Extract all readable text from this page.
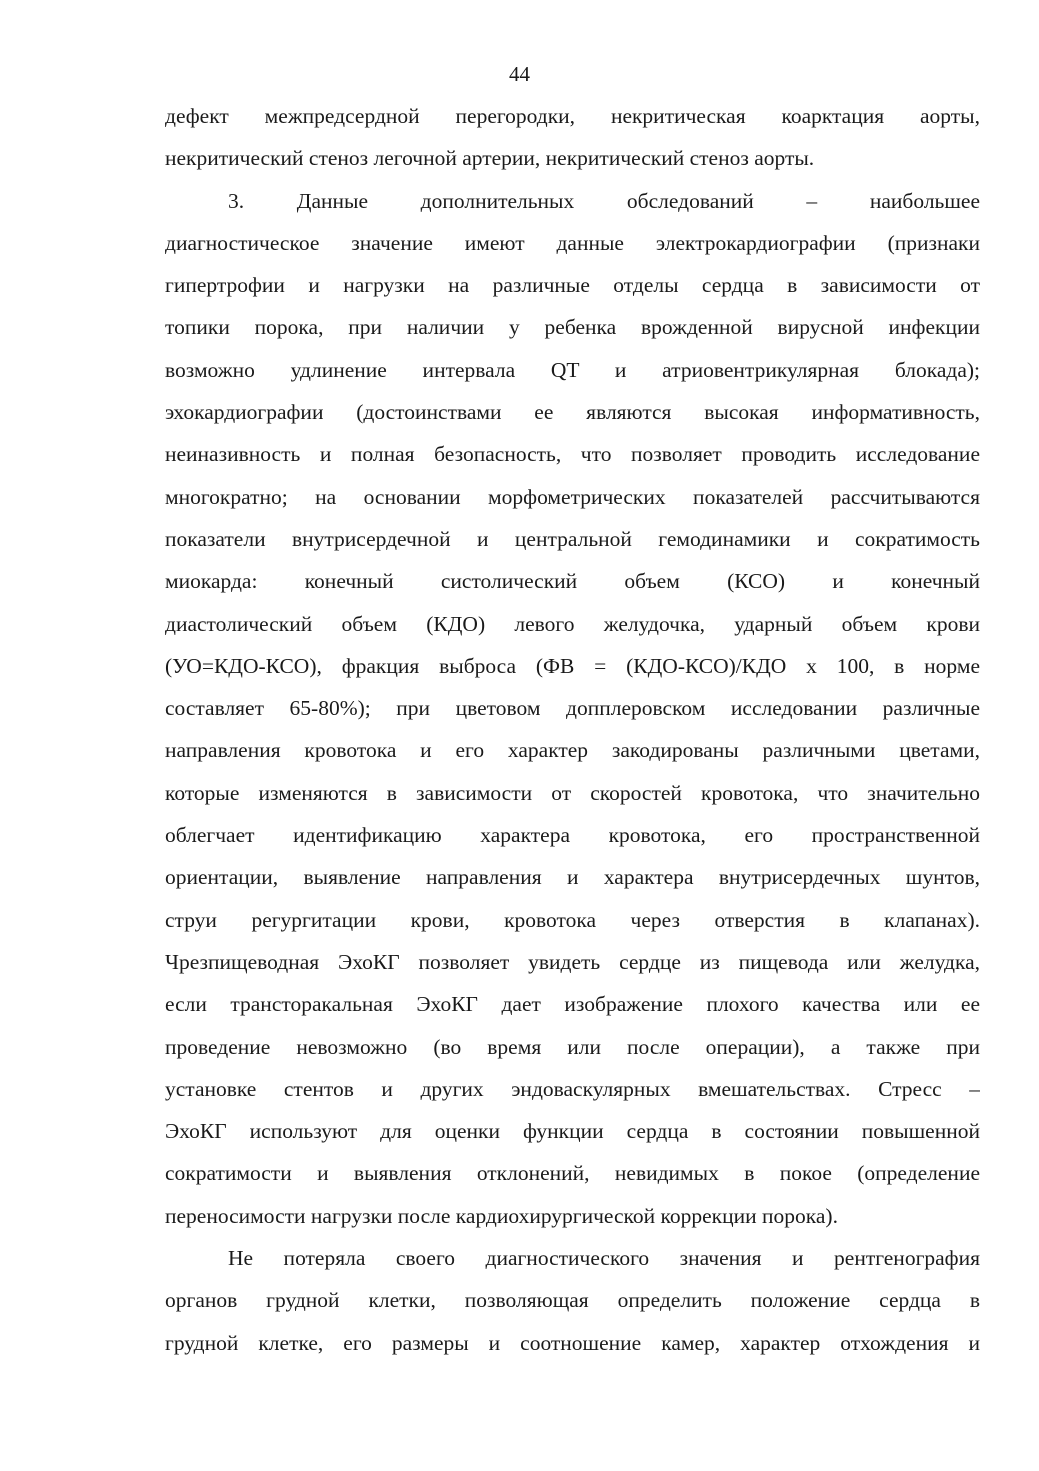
44
дефект межпредсердной перегородки, некритическая коарктация аорты,
некритический стеноз легочной артерии, некритический стеноз аорты.
3. Данные дополнительных обследований – наибольшее
диагностическое значение имеют данные электрокардиографии (признаки
гипертрофии и нагрузки на различные отделы сердца в зависимости от
топики порока, при наличии у ребенка врожденной вирусной инфекции
возможно удлинение интервала QT и атриовентрикулярная блокада);
эхокардиографии (достоинствами ее являются высокая информативность,
неиназивность и полная безопасность, что позволяет проводить исследование
многократно; на основании морфометрических показателей рассчитываются
показатели внутрисердечной и центральной гемодинамики и сократимость
миокарда: конечный систолический объем (КСО) и конечный
диастолический объем (КДО) левого желудочка, ударный объем крови
(УО=КДО-КСО), фракция выброса (ФВ = (КДО-КСО)/КДО х 100, в норме
составляет 65-80%); при цветовом допплеровском исследовании различные
направления кровотока и его характер закодированы различными цветами,
которые изменяются в зависимости от скоростей кровотока, что значительно
облегчает идентификацию характера кровотока, его пространственной
ориентации, выявление направления и характера внутрисердечных шунтов,
струи регургитации крови, кровотока через отверстия в клапанах).
Чрезпищеводная ЭхоКГ позволяет увидеть сердце из пищевода или желудка,
если трансторакальная ЭхоКГ дает изображение плохого качества или ее
проведение невозможно (во время или после операции), а также при
установке стентов и других эндоваскулярных вмешательствах. Стресс –
ЭхоКГ используют для оценки функции сердца в состоянии повышенной
сократимости и выявления отклонений, невидимых в покое (определение
переносимости нагрузки после кардиохирургической коррекции порока).
Не потеряла своего диагностического значения и рентгенография
органов грудной клетки, позволяющая определить положение сердца в
грудной клетке, его размеры и соотношение камер, характер отхождения и
